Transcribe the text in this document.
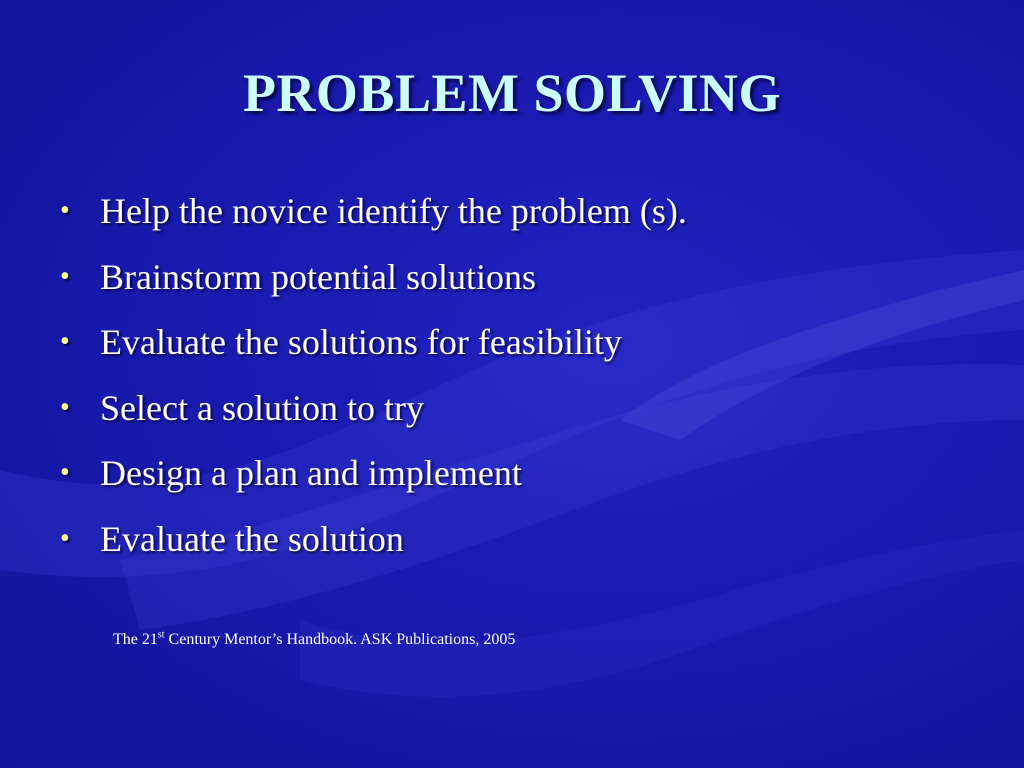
PROBLEM SOLVING
• Help the novice identify the problem (s).
• Brainstorm potential solutions
• Evaluate the solutions for feasibility
• Select a solution to try
• Design a plan and implement
• Evaluate the solution
The 21st Century Mentor’s Handbook. ASK Publications, 2005
